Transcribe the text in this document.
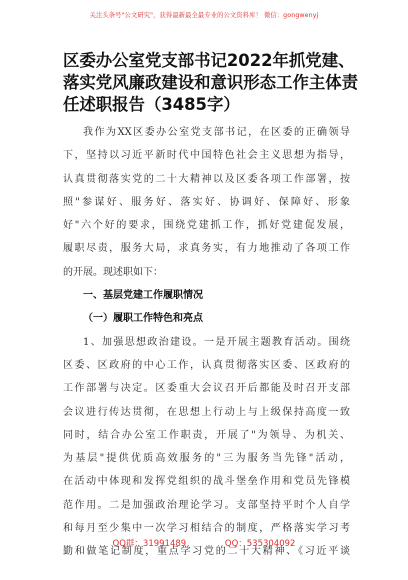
关注头条号"公文研究"，获得最新最全最专业的公文资料库！ 微信：gongwenyj
区委办公室党支部书记2022年抓党建、落实党风廉政建设和意识形态工作主体责任述职报告（3485字）
我作为XX区委办公室党支部书记，在区委的正确领导
下，坚持以习近平新时代中国特色社会主义思想为指导，
认真贯彻落实党的二十大精神以及区委各项工作部署，按
照"参谋好、服务好、落实好、协调好、保障好、形象
好"六个好的要求，围绕党建抓工作，抓好党建促发展，
履职尽责，服务大局，求真务实，有力地推动了各项工作
的开展。现述职如下：
一、基层党建工作履职情况
（一）履职工作特色和亮点
1、加强思想政治建设。一是开展主题教育活动。围绕
区委、区政府的中心工作，认真贯彻落实区委、区政府的
工作部署与决定。区委重大会议召开后都能及时召开支部
会议进行传达贯彻，在思想上行动上与上级保持高度一致
同时，结合办公室工作职责，开展了"为领导、为机关、
为基层"提供优质高效服务的"三为服务当先锋"活动，
在活动中体现和发挥党组织的战斗堡垒作用和党员先锋模
范作用。二是加强政治理论学习。支部坚持平时个人自学
和每月至少集中一次学习相结合的制度，严格落实学习考
勤和做笔记制度，重点学习党的二十大精神、《习近平谈
QQ群：31991489	QQ：535304092
